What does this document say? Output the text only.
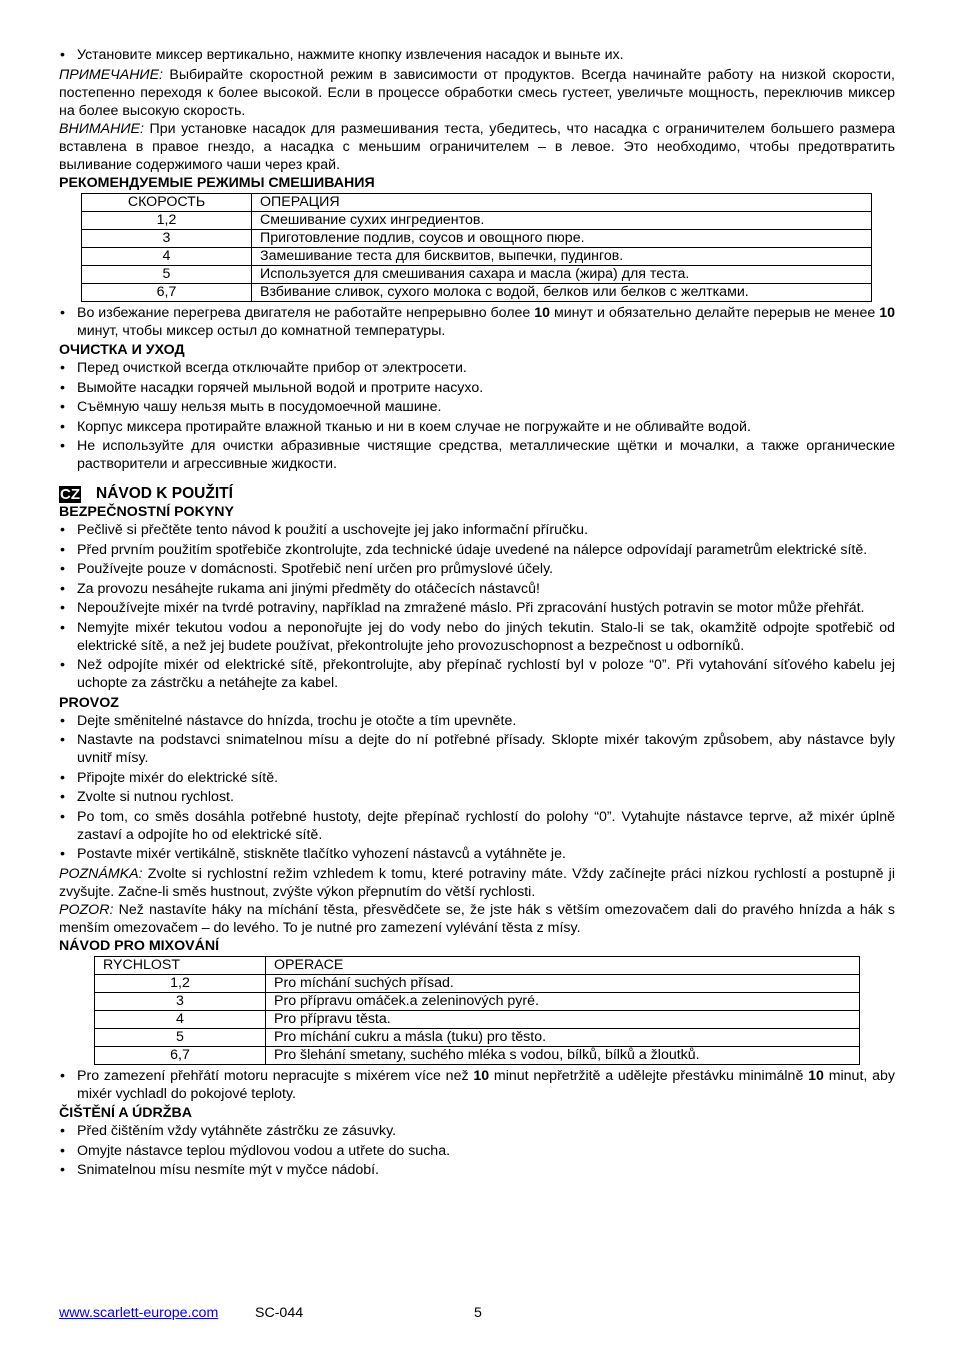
• Установите миксер вертикально, нажмите кнопку извлечения насадок и выньте их.

ПРИМЕЧАНИЕ: Выбирайте скоростной режим в зависимости от продуктов. Всегда начинайте работу на низкой скорости, постепенно переходя к более высокой. Если в процессе обработки смесь густеет, увеличьте мощность, переключив миксер на более высокую скорость.

ВНИМАНИЕ: При установке насадок для размешивания теста, убедитесь, что насадка с ограничителем большего размера вставлена в правое гнездо, а насадка с меньшим ограничителем – в левое. Это необходимо, чтобы предотвратить выливание содержимого чаши через край.

РЕКОМЕНДУЕМЫЕ РЕЖИМЫ СМЕШИВАНИЯ
СКОРОСТЬ	ОПЕРАЦИЯ
1,2	Смешивание сухих ингредиентов.
3	Приготовление подлив, соусов и овощного пюре.
4	Замешивание теста для бисквитов, выпечки, пудингов.
5	Используется для смешивания сахара и масла (жира) для теста.
6,7	Взбивание сливок, сухого молока с водой, белков или белков с желтками.
• Во избежание перегрева двигателя не работайте непрерывно более 10 минут и обязательно делайте перерыв не менее 10 минут, чтобы миксер остыл до комнатной температуры.
ОЧИСТКА И УХОД
• Перед очисткой всегда отключайте прибор от электросети.
• Вымойте насадки горячей мыльной водой и протрите насухо.
• Съёмную чашу нельзя мыть в посудомоечной машине.
• Корпус миксера протирайте влажной тканью и ни в коем случае не погружайте и не обливайте водой.
• Не используйте для очистки абразивные чистящие средства, металлические щётки и мочалки, а также органические растворители и агрессивные жидкости.
CZ NÁVOD K POUŽITÍ
BEZPEČNOSTNÍ POKYNY
• Pečlivě si přečtěte tento návod k použití a uschovejte jej jako informační příručku.
• Před prvním použitím spotřebiče zkontrolujte, zda technické údaje uvedené na nálepce odpovídají parametrům elektrické sítě.
• Používejte pouze v domácnosti. Spotřebič není určen pro průmyslové účely.
• Za provozu nesáhejte rukama ani jinými předměty do otáčecích nástavců!
• Nepoužívejte mixér na tvrdé potraviny, například na zmražené máslo. Při zpracování hustých potravin se motor může přehřát.
• Nemyjte mixér tekutou vodou a neponořujte jej do vody nebo do jiných tekutin. Stalo-li se tak, okamžitě odpojte spotřebič od elektrické sítě, a než jej budete používat, překontrolujte jeho provozuschopnost a bezpečnost u odborníků.
• Než odpojíte mixér od elektrické sítě, překontrolujte, aby přepínač rychlostí byl v poloze “0”. Při vytahování síťového kabelu jej uchopte za zástrčku a netáhejte za kabel.
PROVOZ
• Dejte směnitelné nástavce do hnízda, trochu je otočte a tím upevněte.
• Nastavte na podstavci snimatelnou mísu a dejte do ní potřebné přísady. Sklopte mixér takovým způsobem, aby nástavce byly uvnitř mísy.
• Připojte mixér do elektrické sítě.
• Zvolte si nutnou rychlost.
• Po tom, co směs dosáhla potřebné hustoty, dejte přepínač rychlostí do polohy “0”. Vytahujte nástavce teprve, až mixér úplně zastaví a odpojíte ho od elektrické sítě.
• Postavte mixér vertikálně, stiskněte tlačítko vyhození nástavců a vytáhněte je.

POZNÁMKA: Zvolte si rychlostní režim vzhledem k tomu, které potraviny máte. Vždy začínejte práci nízkou rychlostí a postupně ji zvyšujte. Začne-li směs hustnout, zvýšte výkon přepnutím do větší rychlosti.

POZOR: Než nastavíte háky na míchání těsta, přesvědčete se, že jste hák s větším omezovačem dali do pravého hnízda a hák s menším omezovačem – do levého. To je nutné pro zamezení vylévání těsta z mísy.

NÁVOD PRO MIXOVÁNÍ
RYCHLOST	OPERACE
1,2	Pro míchání suchých přísad.
3	Pro přípravu omáček.a zeleninových pyré.
4	Pro přípravu těsta.
5	Pro míchání cukru a másla (tuku) pro těsto.
6,7	Pro šlehání smetany, suchého mléka s vodou, bílků, bílků a žloutků.
• Pro zamezení přehřátí motoru nepracujte s mixérem více než 10 minut nepřetržitě a udělejte přestávku minimálně 10 minut, aby mixér vychladl do pokojové teploty.
ČIŠTĚNÍ A ÚDRŽBA
• Před čištěním vždy vytáhněte zástrčku ze zásuvky.
• Omyjte nástavce teplou mýdlovou vodou a utřete do sucha.
• Snimatelnou mísu nesmíte mýt v myčce nádobí.
www.scarlett-europe.com	SC-044	5
